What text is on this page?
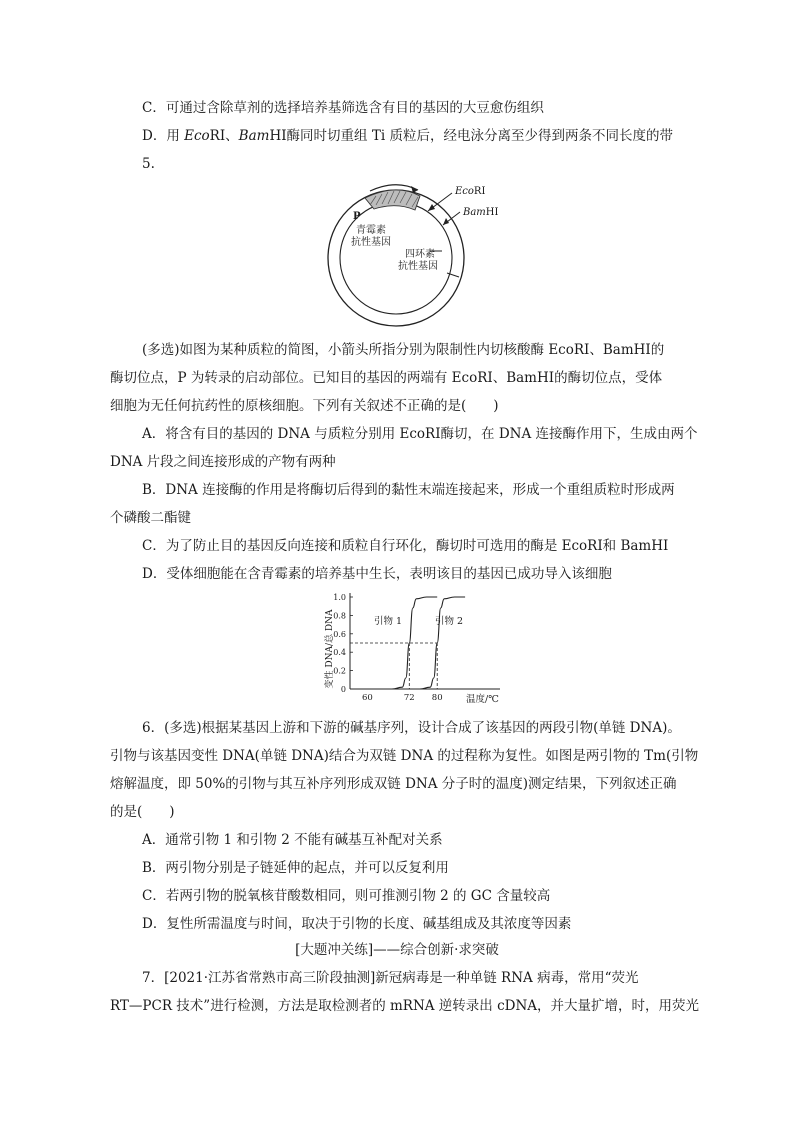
C．可通过含除草剂的选择培养基筛选含有目的基因的大豆愈伤组织
D．用 EcoRⅠ、BamHⅠ酶同时切重组 Ti 质粒后，经电泳分离至少得到两条不同长度的带
5.
P
青霉素
抗性基因
四环素
抗性基因
EcoRⅠ
BamHⅠ
(多选)如图为某种质粒的简图，小箭头所指分别为限制性内切核酸酶 EcoRⅠ、BamHⅠ的
酶切位点，P 为转录的启动部位。已知目的基因的两端有 EcoRⅠ、BamHⅠ的酶切位点，受体
细胞为无任何抗药性的原核细胞。下列有关叙述不正确的是(　　)
A．将含有目的基因的 DNA 与质粒分别用 EcoRⅠ酶切，在 DNA 连接酶作用下，生成由两个
DNA 片段之间连接形成的产物有两种
B．DNA 连接酶的作用是将酶切后得到的黏性末端连接起来，形成一个重组质粒时形成两
个磷酸二酯键
C．为了防止目的基因反向连接和质粒自行环化，酶切时可选用的酶是 EcoRⅠ和 BamHⅠ
D．受体细胞能在含青霉素的培养基中生长，表明该目的基因已成功导入该细胞
变性 DNA/总 DNA
0
0.2
0.4
0.6
0.8
1.0
60	72 80 温度/℃
引物 1	引物 2
6．(多选)根据某基因上游和下游的碱基序列，设计合成了该基因的两段引物(单链 DNA)。
引物与该基因变性 DNA(单链 DNA)结合为双链 DNA 的过程称为复性。如图是两引物的 Tm(引物
熔解温度，即 50%的引物与其互补序列形成双链 DNA 分子时的温度)测定结果，下列叙述正确
的是(　　)
A．通常引物 1 和引物 2 不能有碱基互补配对关系
B．两引物分别是子链延伸的起点，并可以反复利用
C．若两引物的脱氧核苷酸数相同，则可推测引物 2 的 GC 含量较高
D．复性所需温度与时间，取决于引物的长度、碱基组成及其浓度等因素
[大题冲关练]——综合创新·求突破
7．[2021·江苏省常熟市高三阶段抽测]新冠病毒是一种单链 RNA 病毒，常用“荧光
RT—PCR 技术”进行检测，方法是取检测者的 mRNA 逆转录出 cDNA，并大量扩增，时，用荧光
